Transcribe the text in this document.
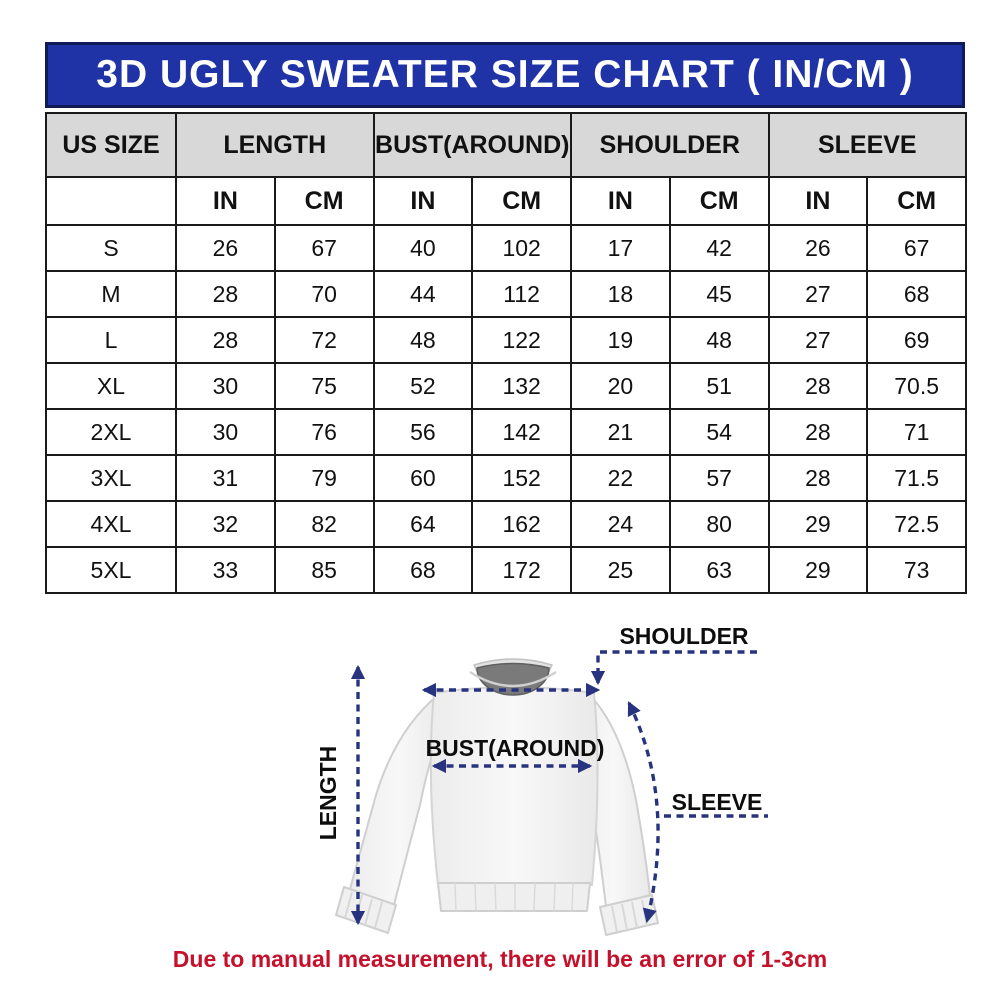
3D UGLY SWEATER SIZE CHART ( IN/CM )
US SIZE	LENGTH		BUST(AROUND)		SHOULDER		SLEEVE	
	IN	CM	IN	CM	IN	CM	IN	CM
S	26	67	40	102	17	42	26	67
M	28	70	44	112	18	45	27	68
L	28	72	48	122	19	48	27	69
XL	30	75	52	132	20	51	28	70.5
2XL	30	76	56	142	21	54	28	71
3XL	31	79	60	152	22	57	28	71.5
4XL	32	82	64	162	24	80	29	72.5
5XL	33	85	68	172	25	63	29	73
SHOULDER
LENGTH	BUST(AROUND)
SLEEVE
Due to manual measurement, there will be an error of 1-3cm
